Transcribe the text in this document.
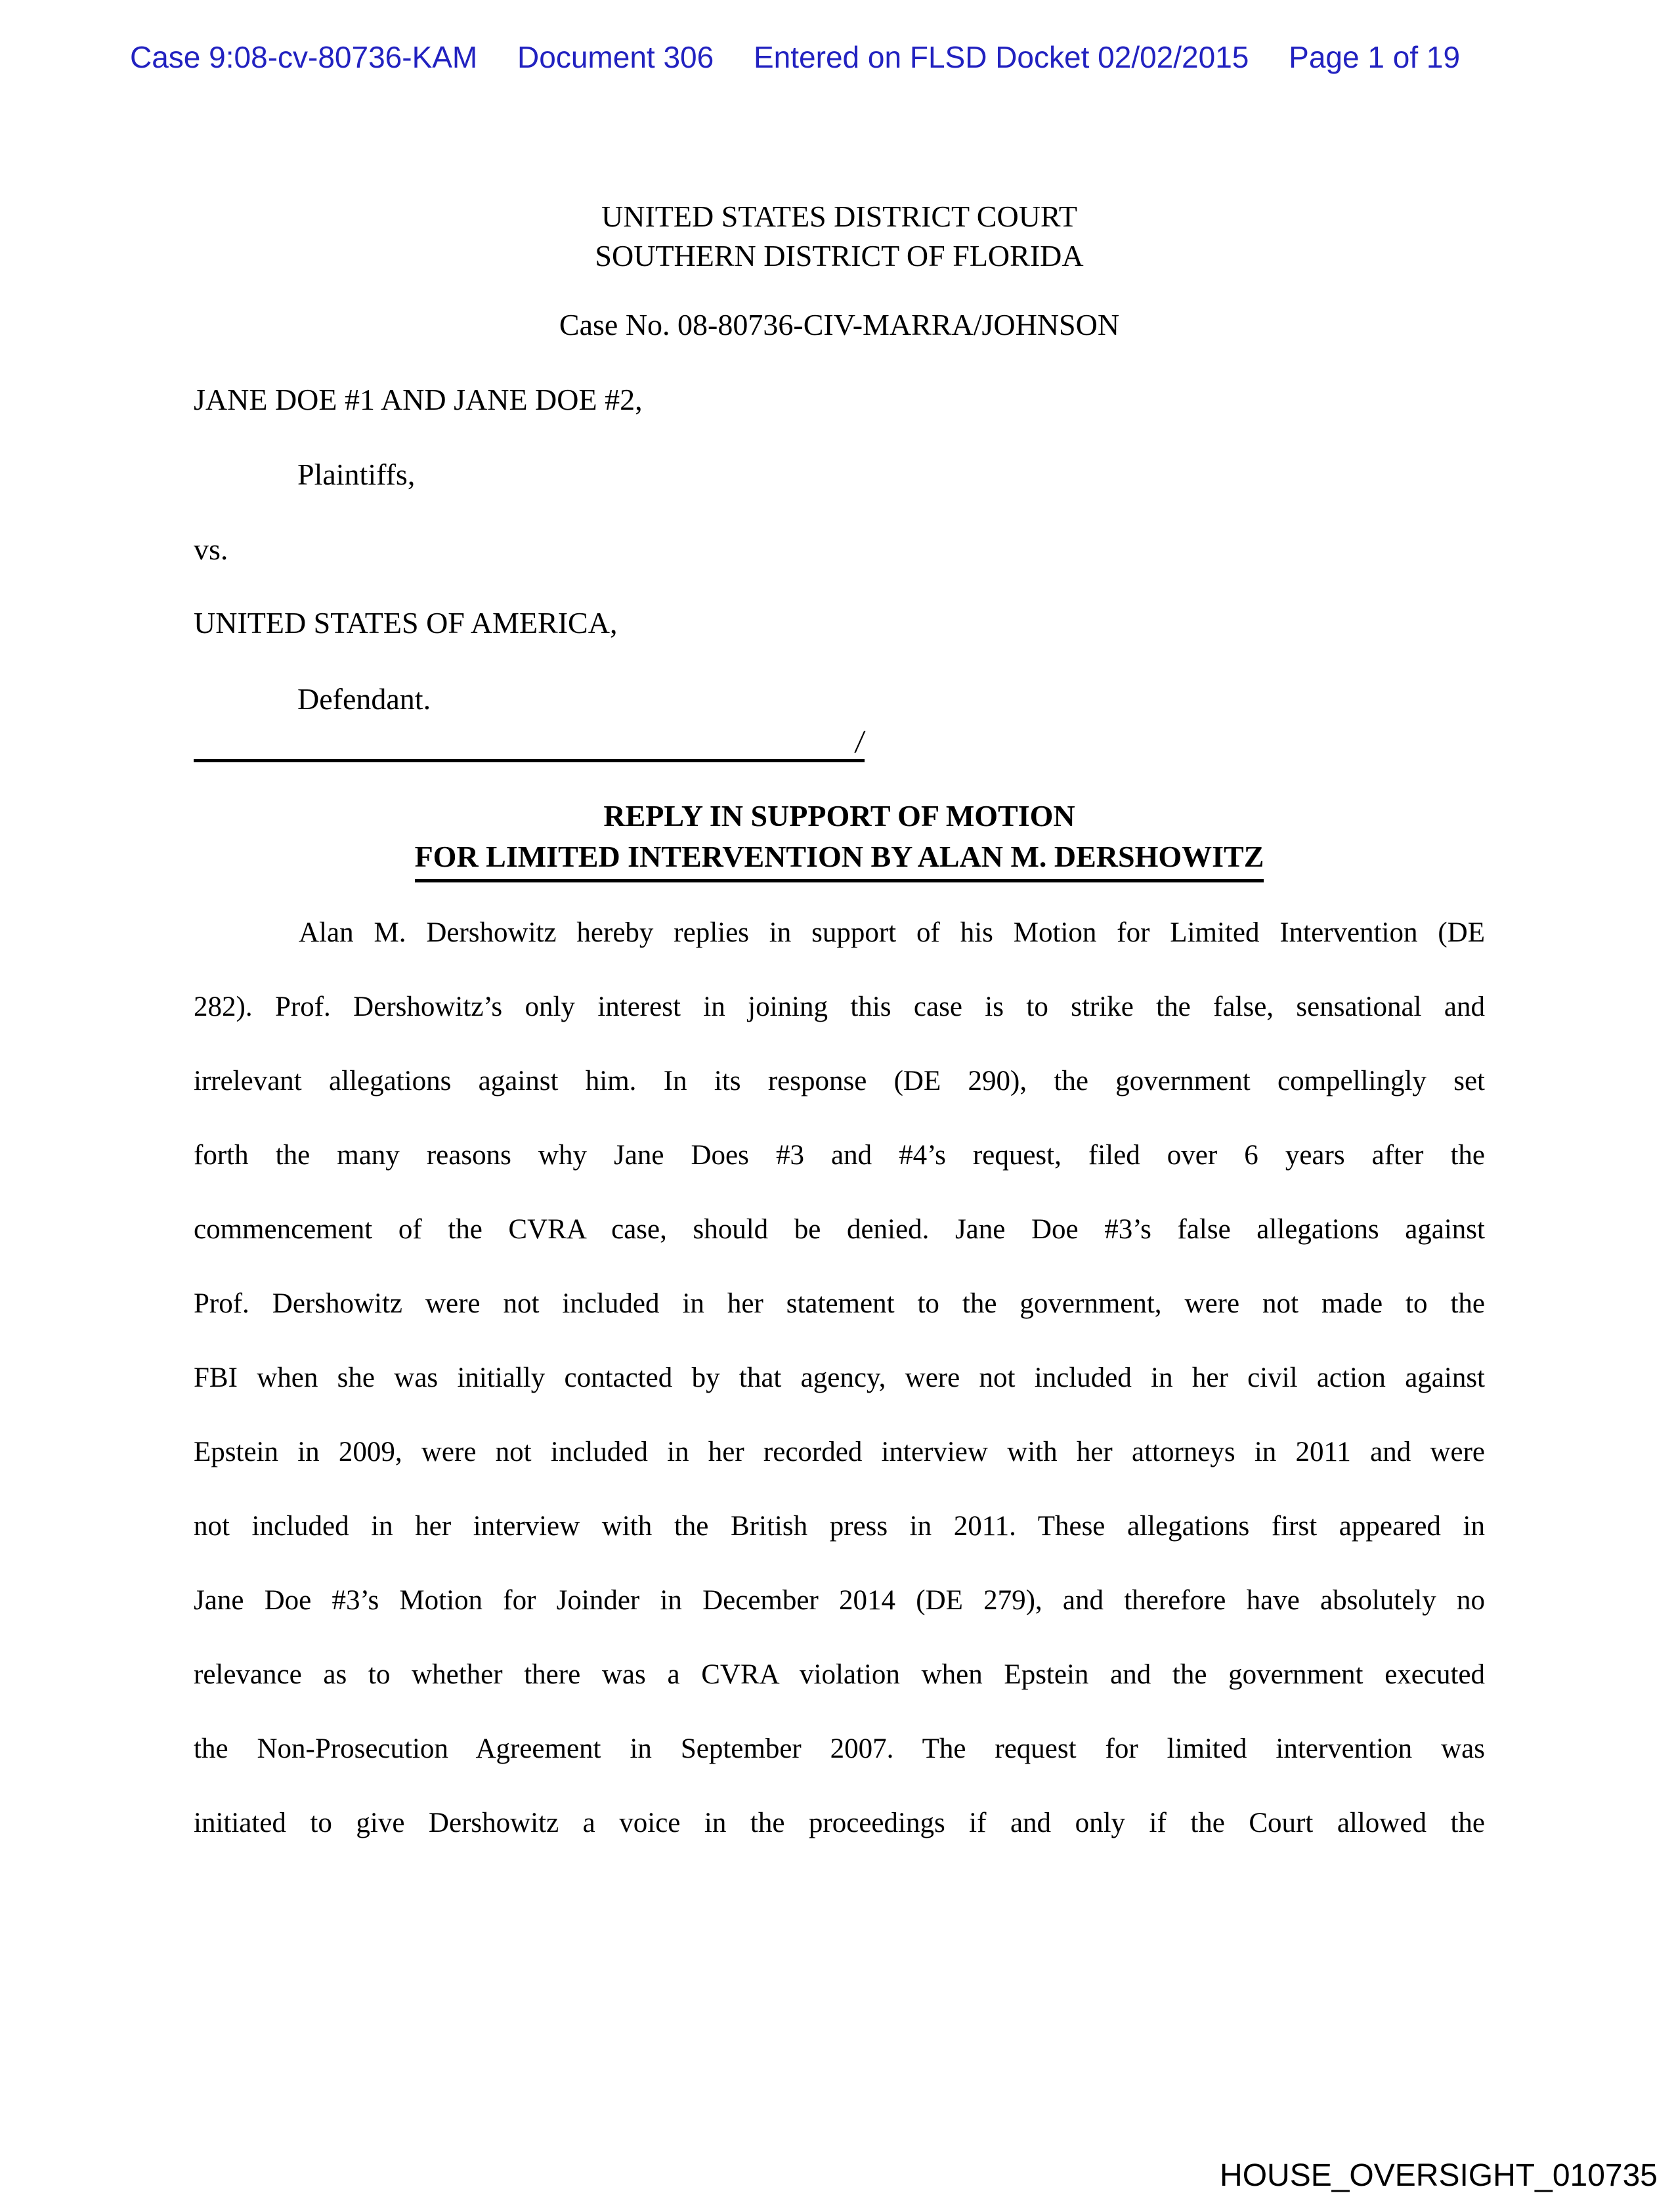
Case 9:08-cv-80736-KAM Document 306 Entered on FLSD Docket 02/02/2015 Page 1 of 19
UNITED STATES DISTRICT COURT
SOUTHERN DISTRICT OF FLORIDA
Case No. 08-80736-CIV-MARRA/JOHNSON
JANE DOE #1 AND JANE DOE #2,
Plaintiffs,
vs.
UNITED STATES OF AMERICA,
Defendant.
/
REPLY IN SUPPORT OF MOTION
FOR LIMITED INTERVENTION BY ALAN M. DERSHOWITZ
Alan M. Dershowitz hereby replies in support of his Motion for Limited Intervention (DE
282). Prof. Dershowitz’s only interest in joining this case is to strike the false, sensational and
irrelevant allegations against him. In its response (DE 290), the government compellingly set
forth the many reasons why Jane Does #3 and #4’s request, filed over 6 years after the
commencement of the CVRA case, should be denied. Jane Doe #3’s false allegations against
Prof. Dershowitz were not included in her statement to the government, were not made to the
FBI when she was initially contacted by that agency, were not included in her civil action against
Epstein in 2009, were not included in her recorded interview with her attorneys in 2011 and were
not included in her interview with the British press in 2011. These allegations first appeared in
Jane Doe #3’s Motion for Joinder in December 2014 (DE 279), and therefore have absolutely no
relevance as to whether there was a CVRA violation when Epstein and the government executed
the Non-Prosecution Agreement in September 2007. The request for limited intervention was
initiated to give Dershowitz a voice in the proceedings if and only if the Court allowed the
HOUSE_OVERSIGHT_010735
